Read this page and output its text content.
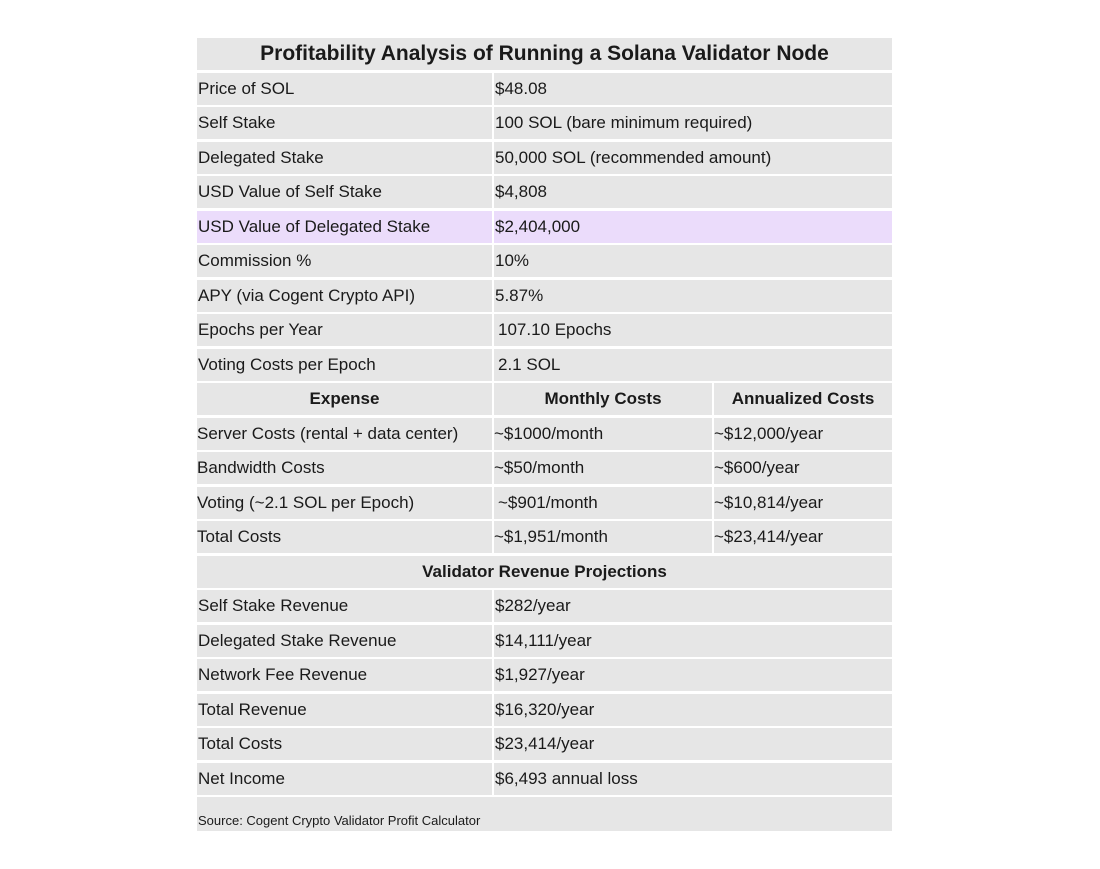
Profitability Analysis of Running a Solana Validator Node
Price of SOL	$48.08
Self Stake	100 SOL (bare minimum required)
Delegated Stake	50,000 SOL (recommended amount)
USD Value of Self Stake	$4,808
USD Value of Delegated Stake	$2,404,000
Commission %	10%
APY (via Cogent Crypto API)	5.87%
Epochs per Year	107.10 Epochs
Voting Costs per Epoch	2.1 SOL
Expense	Monthly Costs	Annualized Costs
Server Costs (rental + data center)	~$1000/month	~$12,000/year
Bandwidth Costs	~$50/month	~$600/year
Voting (~2.1 SOL per Epoch)	~$901/month	~$10,814/year
Total Costs	~$1,951/month	~$23,414/year
Validator Revenue Projections
Self Stake Revenue	$282/year
Delegated Stake Revenue	$14,111/year
Network Fee Revenue	$1,927/year
Total Revenue	$16,320/year
Total Costs	$23,414/year
Net Income	$6,493 annual loss
Source: Cogent Crypto Validator Profit Calculator
